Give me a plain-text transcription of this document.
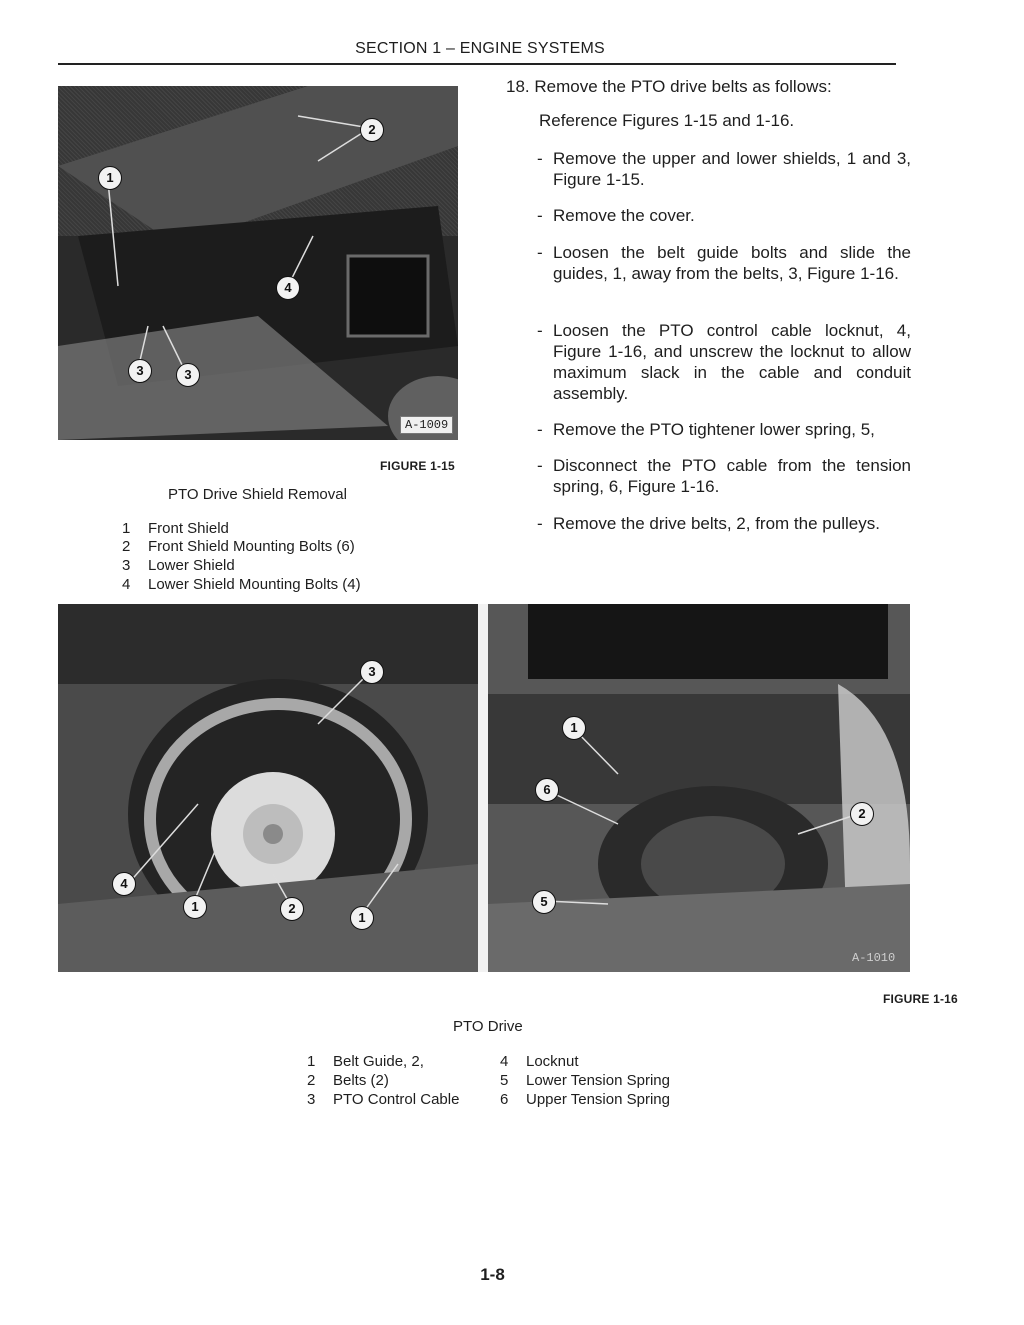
SECTION 1 – ENGINE SYSTEMS
1
2
3	3
4
A-1009
18. Remove the PTO drive belts as follows:
Reference Figures 1-15 and 1-16.
- Remove the upper and lower shields, 1 and 3, Figure 1-15.
- Remove the cover.
- Loosen the belt guide bolts and slide the guides, 1, away from the belts, 3, Figure 1-16.
- Loosen the PTO control cable locknut, 4, Figure 1-16, and unscrew the locknut to allow maximum slack in the cable and conduit assembly.
- Remove the PTO tightener lower spring, 5,
- Disconnect the PTO cable from the tension spring, 6, Figure 1-16.
- Remove the drive belts, 2, from the pulleys.
FIGURE 1-15
PTO Drive Shield Removal
1	Front Shield
2	Front Shield Mounting Bolts (6)
3	Lower Shield
4	Lower Shield Mounting Bolts (4)
3
4
1	2
1
1
6
2
5
A-1010
FIGURE 1-16
PTO Drive
1	Belt Guide, 2,
2	Belts (2)
3	PTO Control Cable
4	Locknut
5	Lower Tension Spring
6	Upper Tension Spring
1-8
